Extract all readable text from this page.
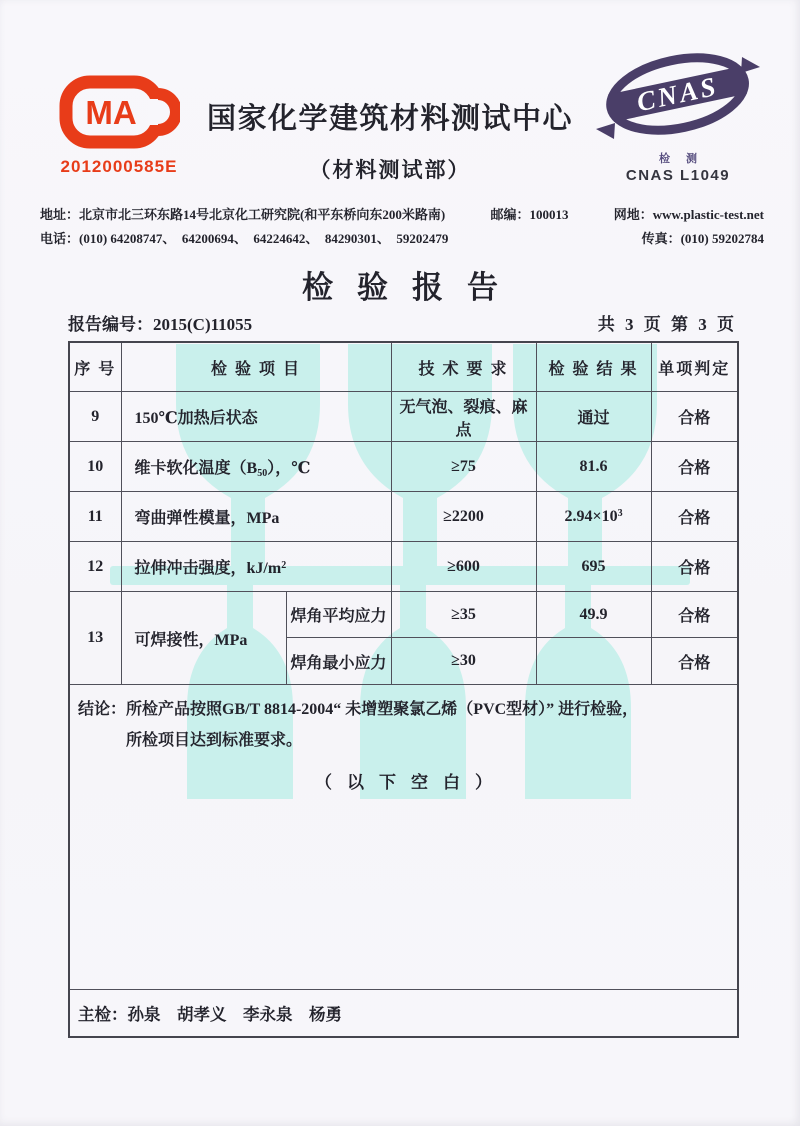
MA
2012000585E
国家化学建筑材料测试中心
（材料测试部）
CNAS
检测
CNAS L1049
地址：北京市北三环东路14号北京化工研究院(和平东桥向东200米路南)	邮编：100013	网地：www.plastic-test.net
电话：(010) 64208747、  64200694、  64224642、  84290301、  59202479	传真：(010) 59202784
检验报告
报告编号：2015(C)11055	共 3 页 第 3 页
序 号	检 验 项 目		技 术 要 求	检 验 结 果	单项判定
9	150℃加热后状态		无气泡、裂痕、麻点	通过	合格
10	维卡软化温度$(B_{50})$，℃		≥75	81.6	合格
11	弯曲弹性模量，MPa		≥2200	$2.94\times 10^3$	合格
12	拉伸冲击强度，$kJ/m^2$		≥600	695	合格
13	可焊接性，MPa	焊角平均应力	≥35	49.9	合格
		焊角最小应力	≥30		合格

结论：所检产品按照GB/T 8814-2004“ 未增塑聚氯乙烯（PVC型材）” 进行检验，
所检项目达到标准要求。
（以下空白）					

主检：孙泉　胡孝义　李永泉　杨勇					
